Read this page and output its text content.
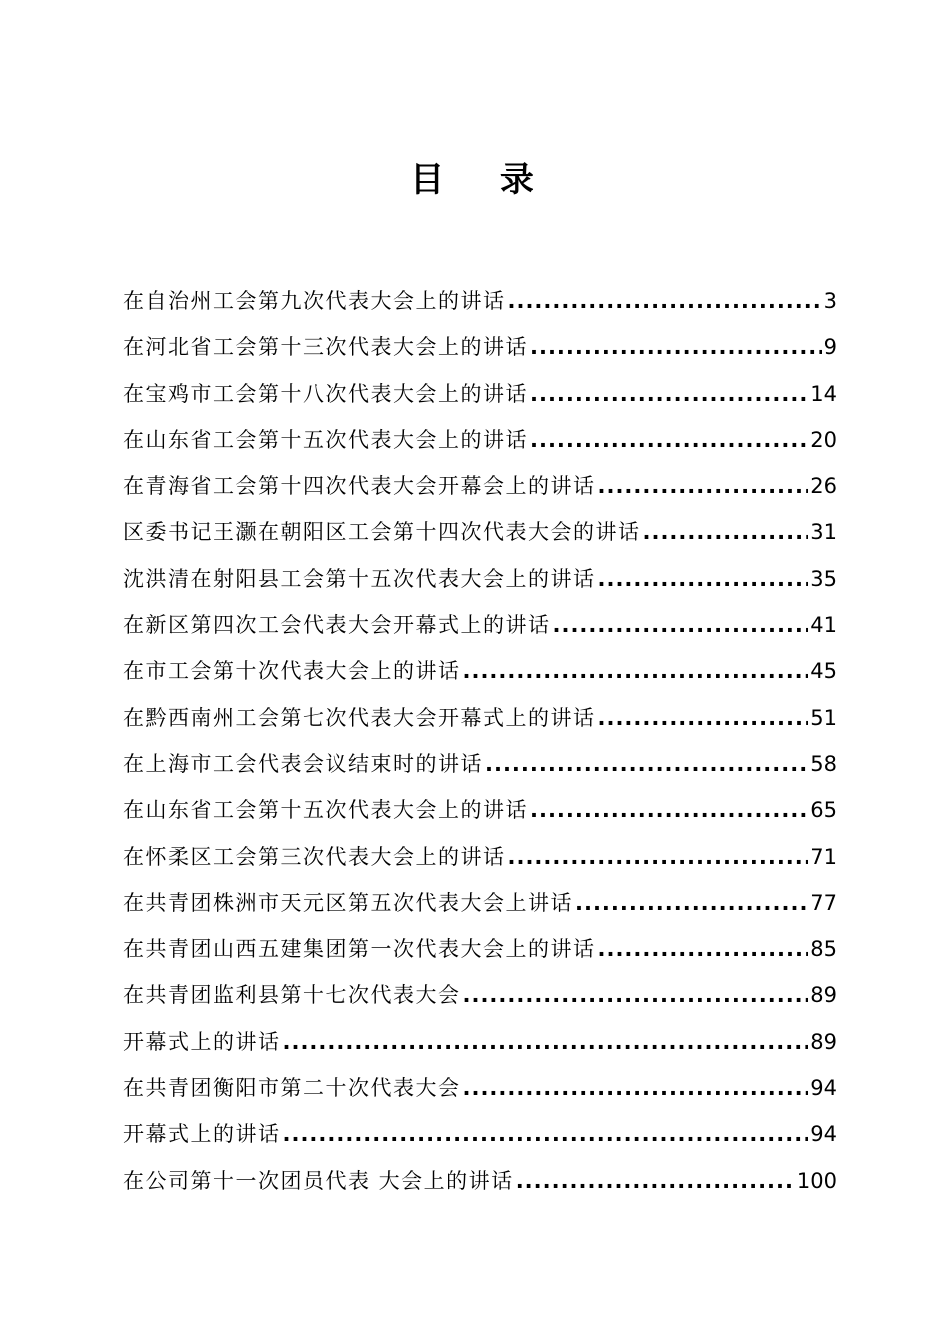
目 录
在自治州工会第九次代表大会上的讲话 .....	3
在河北省工会第十三次代表大会上的讲话 .....	9
在宝鸡市工会第十八次代表大会上的讲话 .....	14
在山东省工会第十五次代表大会上的讲话 .....	20
在青海省工会第十四次代表大会开幕会上的讲话 .....	26
区委书记王灏在朝阳区工会第十四次代表大会的讲话 .....	31
沈洪清在射阳县工会第十五次代表大会上的讲话 .....	35
在新区第四次工会代表大会开幕式上的讲话 .....	41
在市工会第十次代表大会上的讲话 .....	45
在黔西南州工会第七次代表大会开幕式上的讲话 .....	51
在上海市工会代表会议结束时的讲话 .....	58
在山东省工会第十五次代表大会上的讲话 .....	65
在怀柔区工会第三次代表大会上的讲话 .....	71
在共青团株洲市天元区第五次代表大会上讲话 .....	77
在共青团山西五建集团第一次代表大会上的讲话 .....	85
在共青团监利县第十七次代表大会 .....	89
开幕式上的讲话 .....	89
在共青团衡阳市第二十次代表大会 .....	94
开幕式上的讲话 .....	94
在公司第十一次团员代表 大会上的讲话 .....	100
